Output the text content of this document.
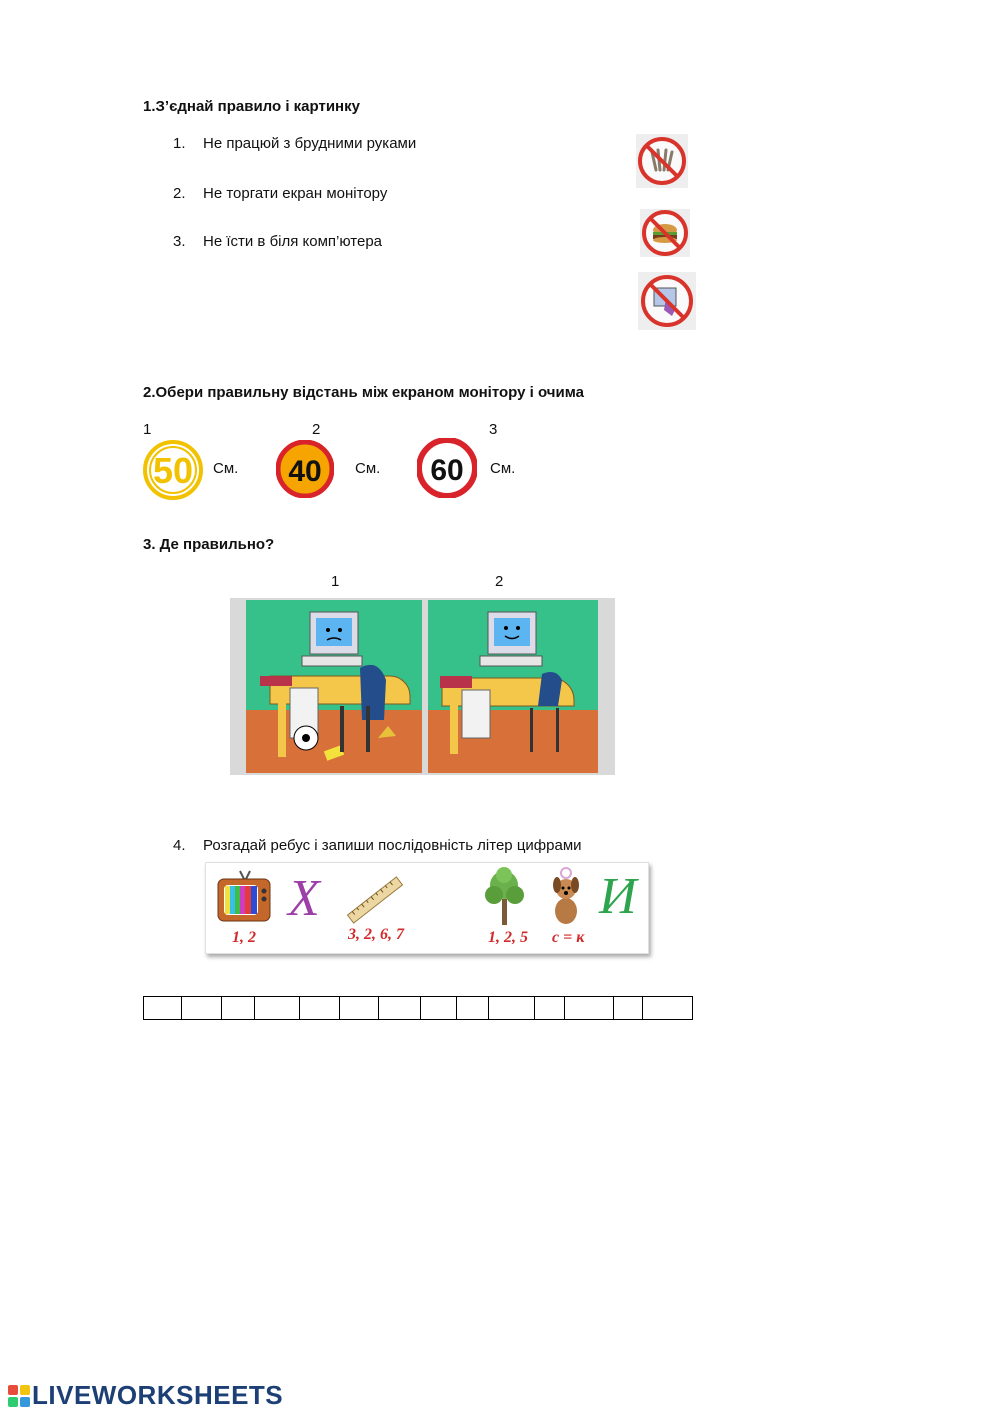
1.З’єднай правило і картинку
1. Не працюй з брудними руками
2. Не торгати екран монітору
3. Не їсти в біля комп’ютера
2.Обери правильну відстань між екраном монітору і очима
1	2	3
50 См. 40 См. 60 См.
3. Де правильно?
1	2
4. Розгадай ребус і запиши послідовність літер цифрами
1, 2
Х
3, 2, 6, 7	1, 2, 5 с = к
И
LIVEWORKSHEETS
